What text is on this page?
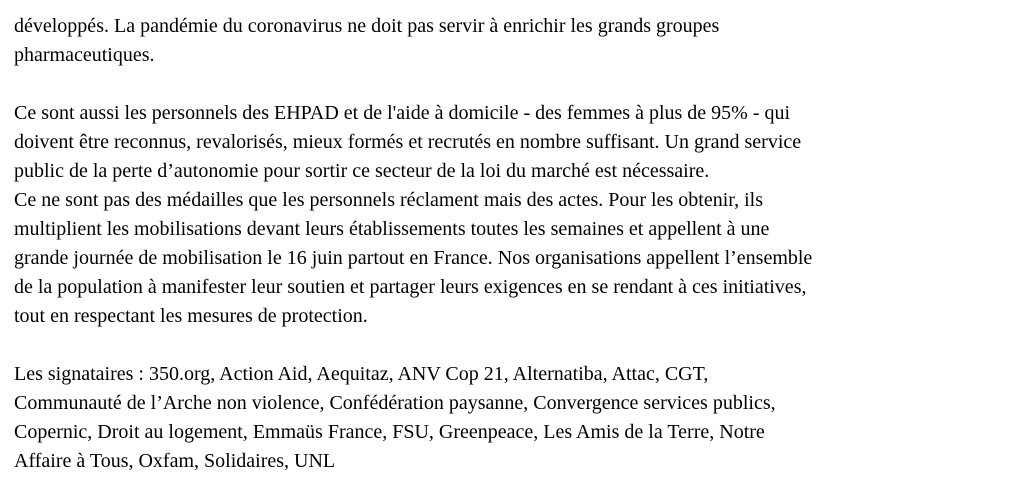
développés. La pandémie du coronavirus ne doit pas servir à enrichir les grands groupes
pharmaceutiques.

Ce sont aussi les personnels des EHPAD et de l'aide à domicile - des femmes à plus de 95% - qui
doivent être reconnus, revalorisés, mieux formés et recrutés en nombre suffisant. Un grand service
public de la perte d’autonomie pour sortir ce secteur de la loi du marché est nécessaire.

Ce ne sont pas des médailles que les personnels réclament mais des actes. Pour les obtenir, ils
multiplient les mobilisations devant leurs établissements toutes les semaines et appellent à une
grande journée de mobilisation le 16 juin partout en France. Nos organisations appellent l’ensemble
de la population à manifester leur soutien et partager leurs exigences en se rendant à ces initiatives,
tout en respectant les mesures de protection.

Les signataires : 350.org, Action Aid, Aequitaz, ANV Cop 21, Alternatiba, Attac, CGT,
Communauté de l’Arche non violence, Confédération paysanne, Convergence services publics,
Copernic, Droit au logement, Emmaüs France, FSU, Greenpeace, Les Amis de la Terre, Notre
Affaire à Tous, Oxfam, Solidaires, UNL
